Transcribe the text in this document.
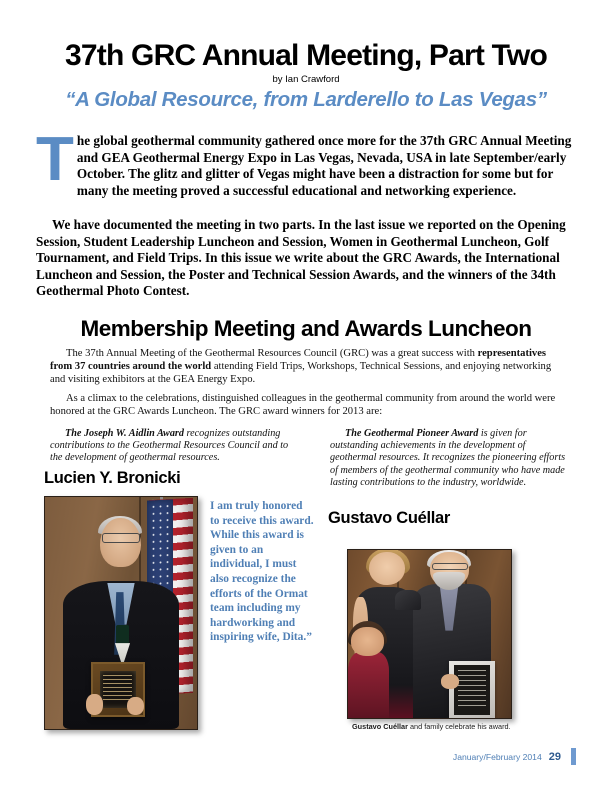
37th GRC Annual Meeting, Part Two
by Ian Crawford
“A Global Resource, from Larderello to Las Vegas”
The global geothermal community gathered once more for the 37th GRC Annual Meeting and GEA Geothermal Energy Expo in Las Vegas, Nevada, USA in late September/early October. The glitz and glitter of Vegas might have been a distraction for some but for many the meeting proved a successful educational and networking experience.
We have documented the meeting in two parts. In the last issue we reported on the Opening Session, Student Leadership Luncheon and Session, Women in Geothermal Luncheon, Golf Tournament, and Field Trips. In this issue we write about the GRC Awards, the International Luncheon and Session, the Poster and Technical Session Awards, and the winners of the 34th Geothermal Photo Contest.
Membership Meeting and Awards Luncheon
The 37th Annual Meeting of the Geothermal Resources Council (GRC) was a great success with representatives from 37 countries around the world attending Field Trips, Workshops, Technical Sessions, and enjoying networking and visiting exhibitors at the GEA Energy Expo.
As a climax to the celebrations, distinguished colleagues in the geothermal community from around the world were honored at the GRC Awards Luncheon. The GRC award winners for 2013 are:
The Joseph W. Aidlin Award recognizes outstanding contributions to the Geothermal Resources Council and to the development of geothermal resources.
Lucien Y. Bronicki
I am truly honored to receive this award. While this award is given to an individual, I must also recognize the efforts of the Ormat team including my hardworking and inspiring wife, Dita.”
The Geothermal Pioneer Award is given for outstanding achievements in the development of geothermal resources. It recognizes the pioneering efforts of members of the geothermal community who have made lasting contributions to the industry, worldwide.
Gustavo Cuéllar
Gustavo Cuéllar and family celebrate his award.
January/February 2014 29
